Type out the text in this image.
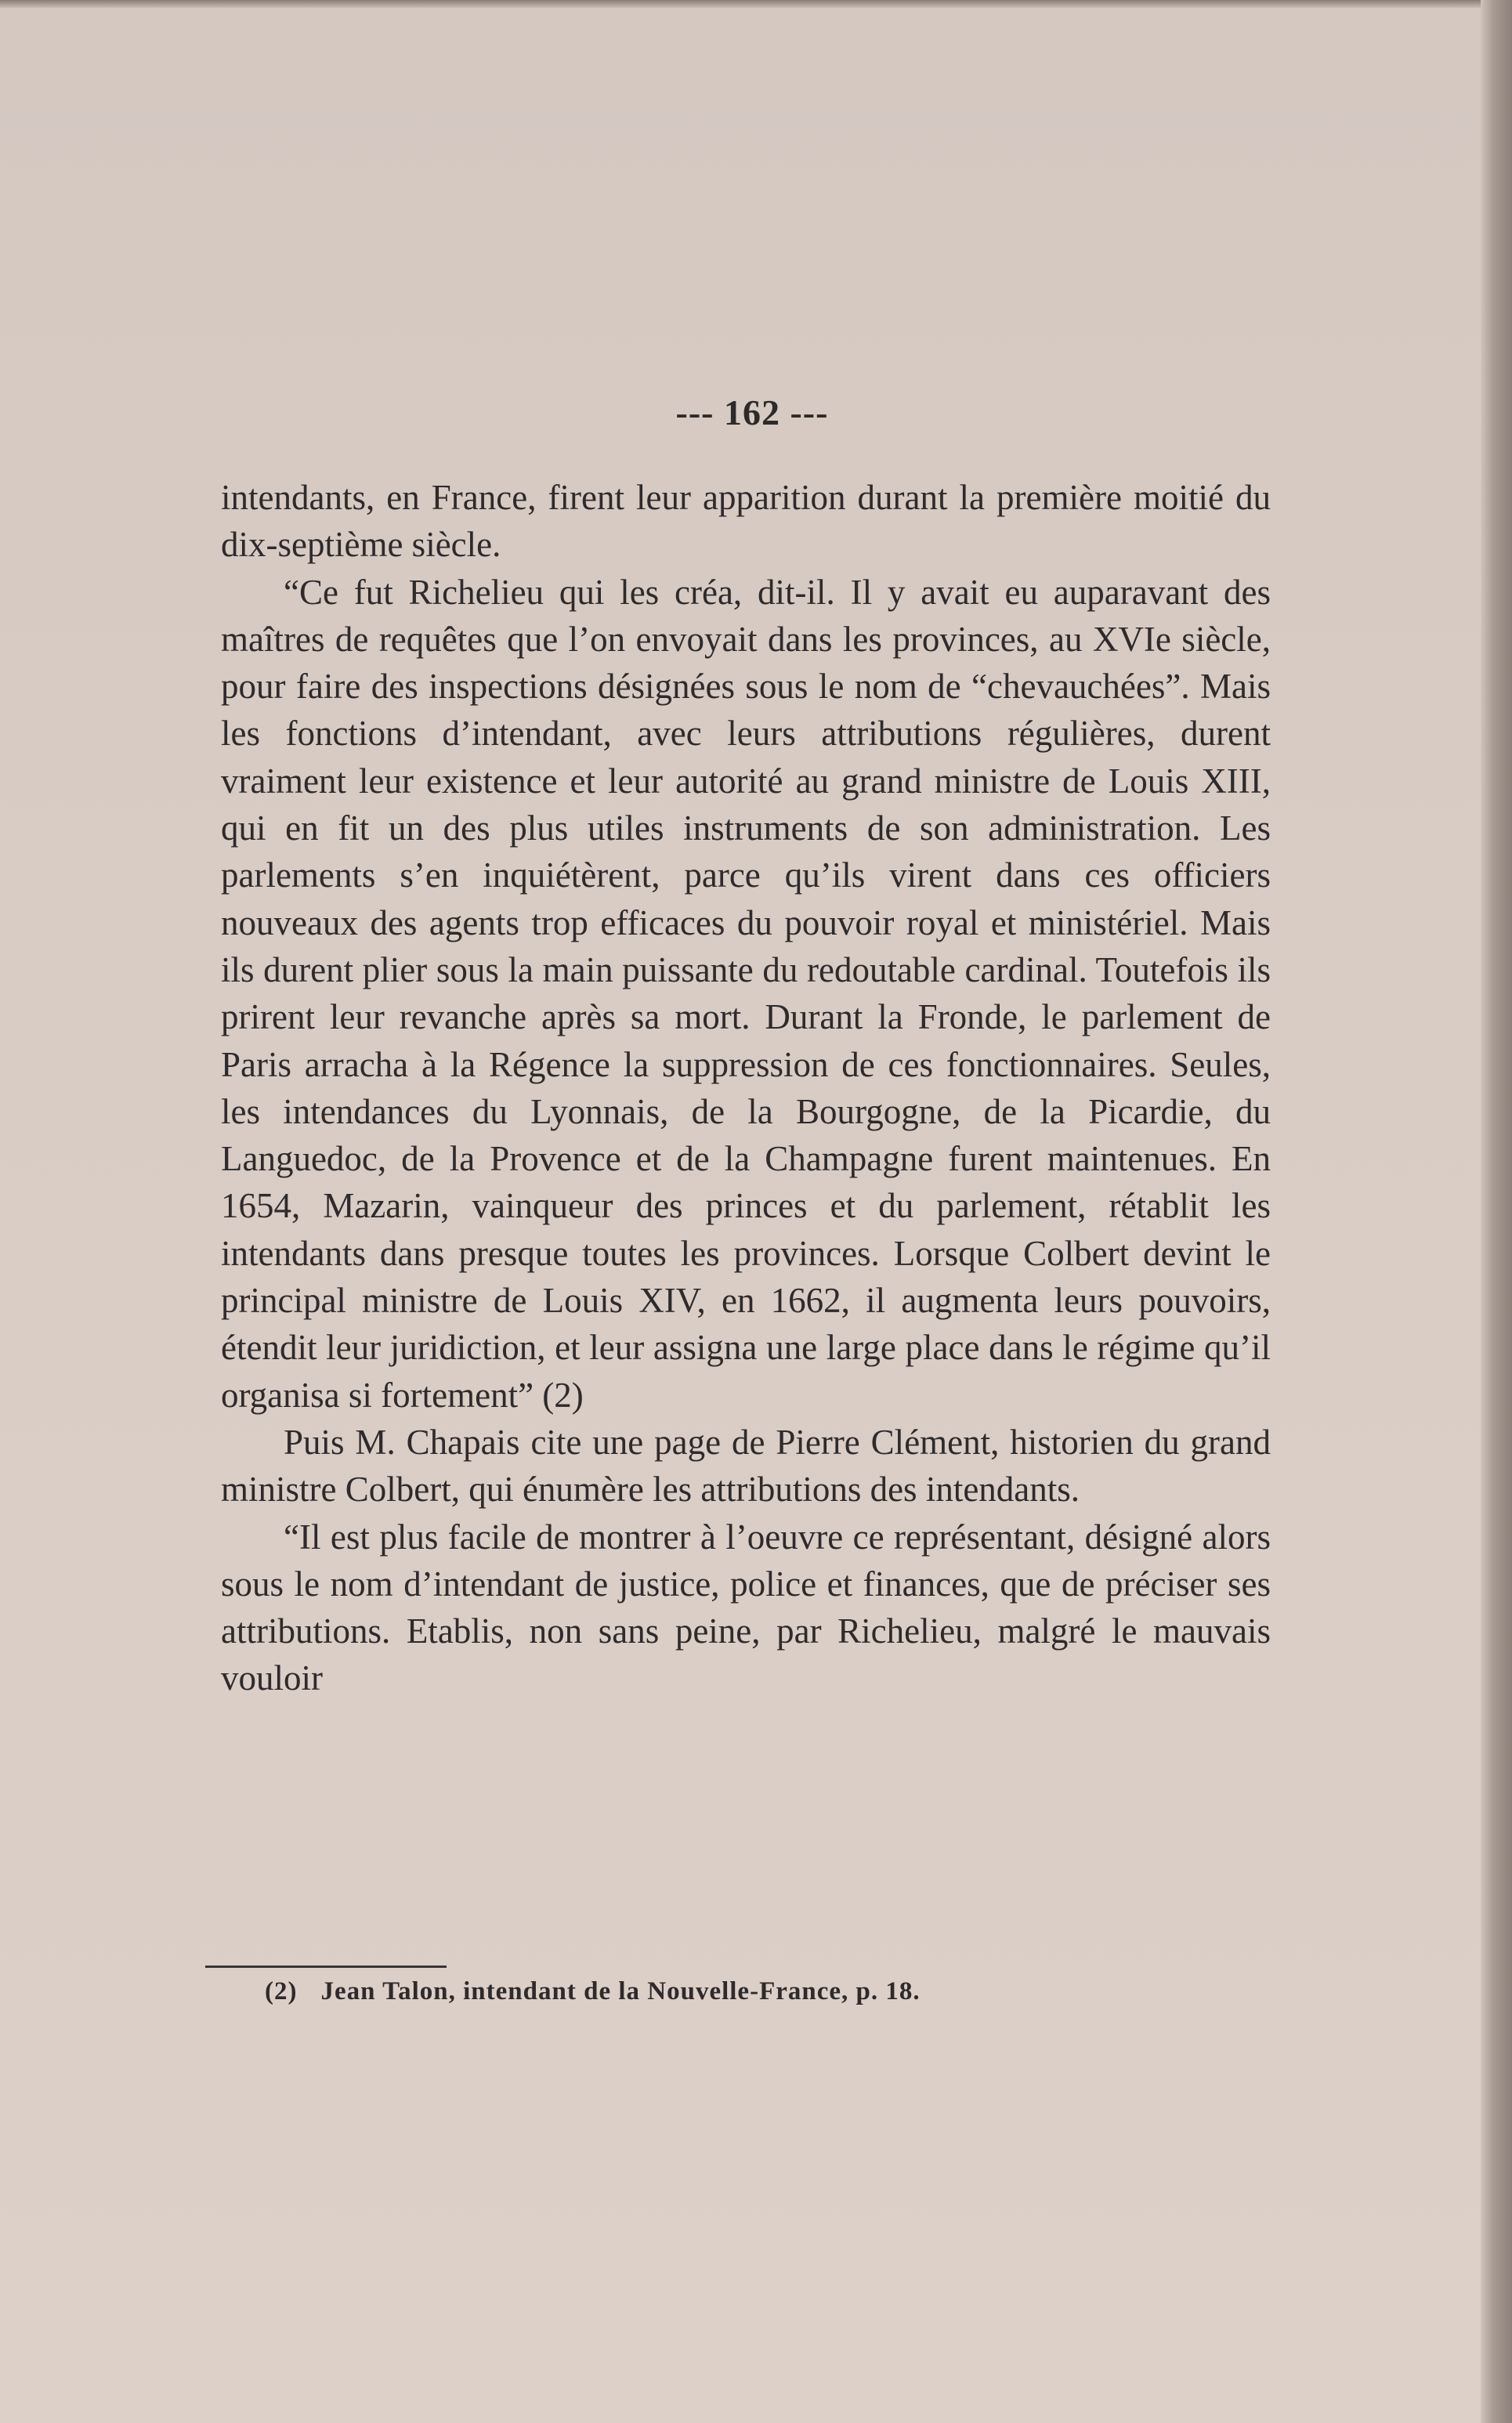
--- 162 ---

intendants, en France, firent leur apparition durant la première moitié du dix-septième siècle.

“Ce fut Richelieu qui les créa, dit-il. Il y avait eu auparavant des maîtres de requêtes que l’on envoyait dans les provinces, au XVIe siècle, pour faire des inspections désignées sous le nom de “chevauchées”. Mais les fonctions d’intendant, avec leurs attributions régulières, durent vraiment leur existence et leur autorité au grand ministre de Louis XIII, qui en fit un des plus utiles instruments de son administration. Les parlements s’en inquiétèrent, parce qu’ils virent dans ces officiers nouveaux des agents trop efficaces du pouvoir royal et ministériel. Mais ils durent plier sous la main puissante du redoutable cardinal. Toutefois ils prirent leur revanche après sa mort. Durant la Fronde, le parlement de Paris arracha à la Régence la suppression de ces fonctionnaires. Seules, les intendances du Lyonnais, de la Bourgogne, de la Picardie, du Languedoc, de la Provence et de la Champagne furent maintenues. En 1654, Mazarin, vainqueur des princes et du parlement, rétablit les intendants dans presque toutes les provinces. Lorsque Colbert devint le principal ministre de Louis XIV, en 1662, il augmenta leurs pouvoirs, étendit leur juridiction, et leur assigna une large place dans le régime qu’il organisa si fortement” (2)

Puis M. Chapais cite une page de Pierre Clément, historien du grand ministre Colbert, qui énumère les attributions des intendants.

“Il est plus facile de montrer à l’oeuvre ce représentant, désigné alors sous le nom d’intendant de justice, police et finances, que de préciser ses attributions. Etablis, non sans peine, par Richelieu, malgré le mauvais vouloir

(2) Jean Talon, intendant de la Nouvelle-France, p. 18.
